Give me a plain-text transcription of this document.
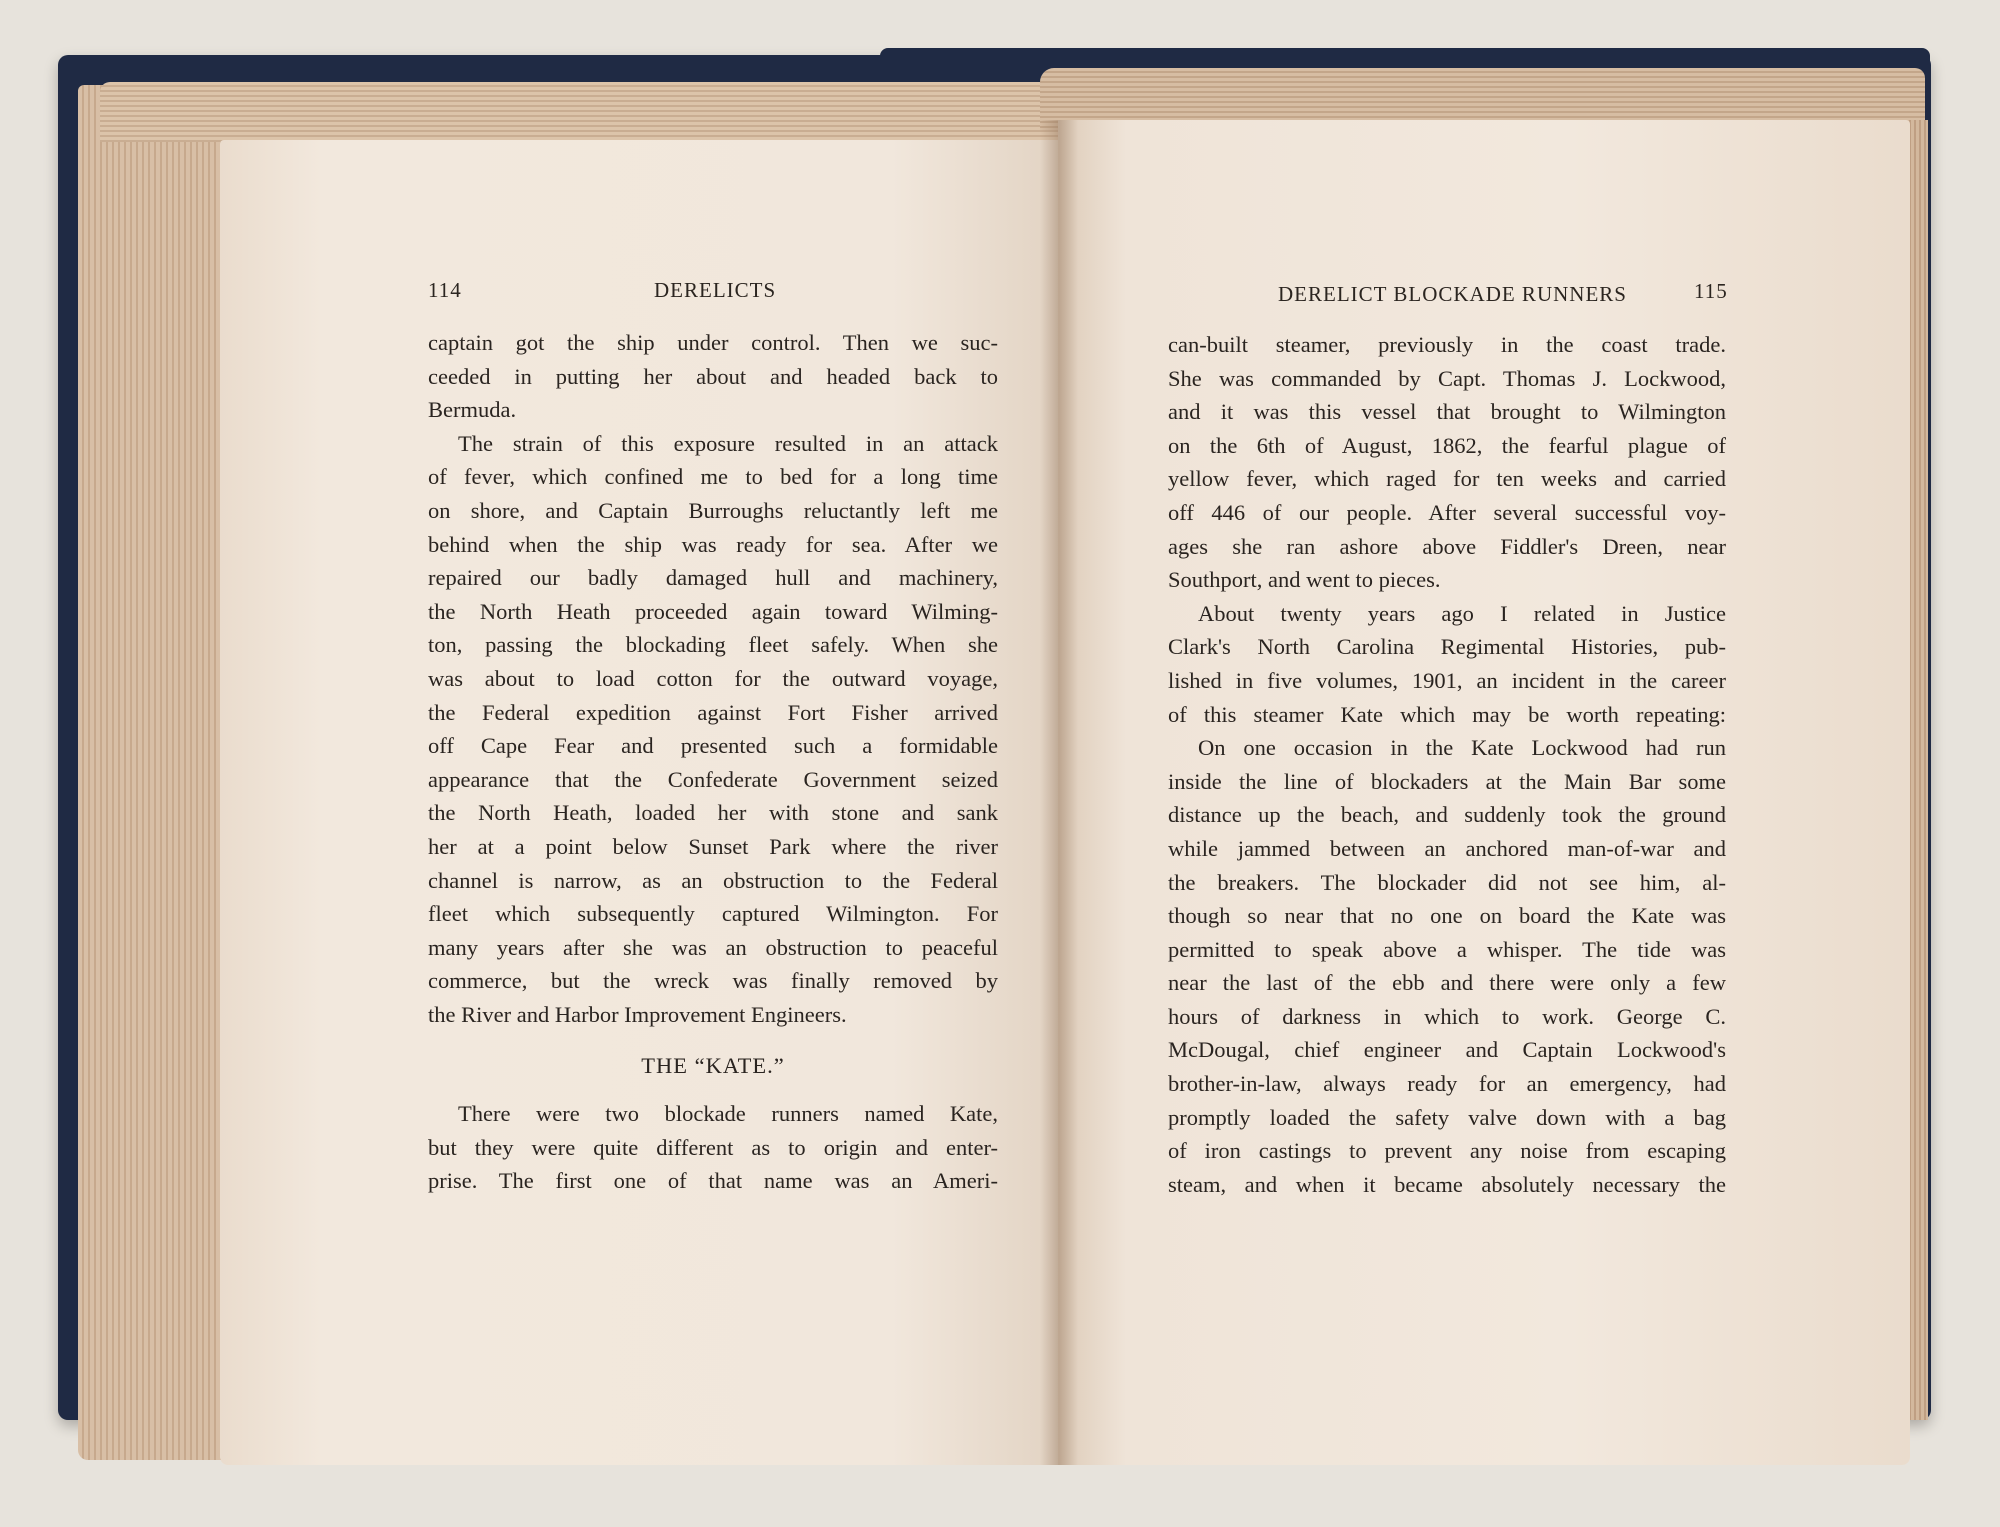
114	DERELICTS	DERELICT BLOCKADE RUNNERS	115
captain got the ship under control. Then we suc-
ceeded in putting her about and headed back to
Bermuda.
The strain of this exposure resulted in an attack
of fever, which confined me to bed for a long time
on shore, and Captain Burroughs reluctantly left me
behind when the ship was ready for sea. After we
repaired our badly damaged hull and machinery,
the North Heath proceeded again toward Wilming-
ton, passing the blockading fleet safely. When she
was about to load cotton for the outward voyage,
the Federal expedition against Fort Fisher arrived
off Cape Fear and presented such a formidable
appearance that the Confederate Government seized
the North Heath, loaded her with stone and sank
her at a point below Sunset Park where the river
channel is narrow, as an obstruction to the Federal
fleet which subsequently captured Wilmington. For
many years after she was an obstruction to peaceful
commerce, but the wreck was finally removed by
the River and Harbor Improvement Engineers.
THE “KATE.”
There were two blockade runners named Kate,
but they were quite different as to origin and enter-
prise. The first one of that name was an Ameri-
can-built steamer, previously in the coast trade.
She was commanded by Capt. Thomas J. Lockwood,
and it was this vessel that brought to Wilmington
on the 6th of August, 1862, the fearful plague of
yellow fever, which raged for ten weeks and carried
off 446 of our people. After several successful voy-
ages she ran ashore above Fiddler's Dreen, near
Southport, and went to pieces.
About twenty years ago I related in Justice
Clark's North Carolina Regimental Histories, pub-
lished in five volumes, 1901, an incident in the career
of this steamer Kate which may be worth repeating:
On one occasion in the Kate Lockwood had run
inside the line of blockaders at the Main Bar some
distance up the beach, and suddenly took the ground
while jammed between an anchored man-of-war and
the breakers. The blockader did not see him, al-
though so near that no one on board the Kate was
permitted to speak above a whisper. The tide was
near the last of the ebb and there were only a few
hours of darkness in which to work. George C.
McDougal, chief engineer and Captain Lockwood's
brother-in-law, always ready for an emergency, had
promptly loaded the safety valve down with a bag
of iron castings to prevent any noise from escaping
steam, and when it became absolutely necessary the
